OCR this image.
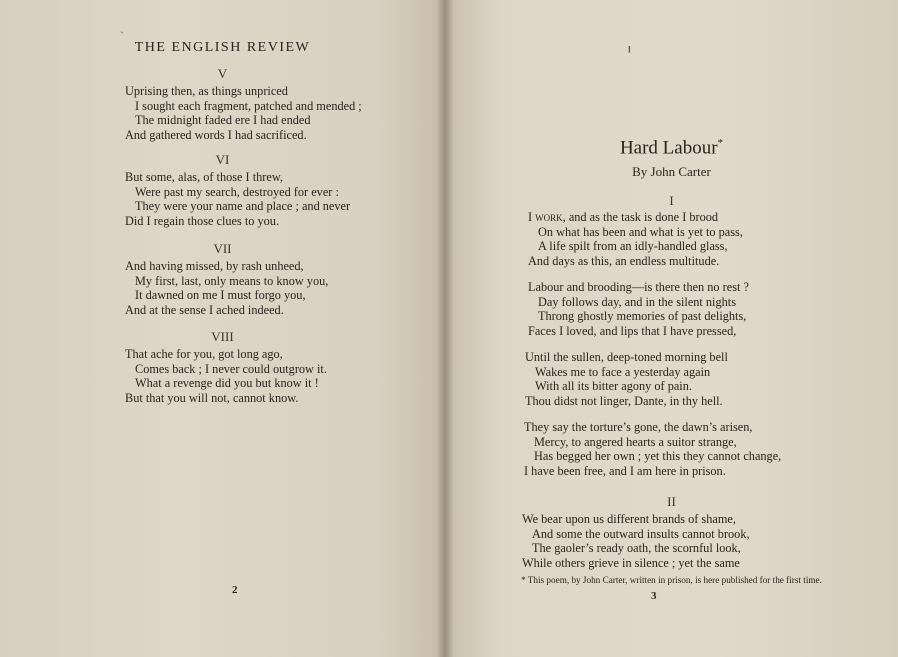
ˎ
THE ENGLISH REVIEW
V
Uprising then, as things unpriced
I sought each fragment, patched and mended ;
The midnight faded ere I had ended
And gathered words I had sacrificed.
VI
But some, alas, of those I threw,
Were past my search, destroyed for ever :
They were your name and place ; and never
Did I regain those clues to you.
VII
And having missed, by rash unheed,
My first, last, only means to know you,
It dawned on me I must forgo you,
And at the sense I ached indeed.
VIII
That ache for you, got long ago,
Comes back ; I never could outgrow it.
What a revenge did you but know it !
But that you will not, cannot know.
2
ˡ
Hard Labour*
By John Carter
I
I work, and as the task is done I brood
On what has been and what is yet to pass,
A life spilt from an idly-handled glass,
And days as this, an endless multitude.
Labour and brooding—is there then no rest ?
Day follows day, and in the silent nights
Throng ghostly memories of past delights,
Faces I loved, and lips that I have pressed,
Until the sullen, deep-toned morning bell
Wakes me to face a yesterday again
With all its bitter agony of pain.
Thou didst not linger, Dante, in thy hell.
They say the torture’s gone, the dawn’s arisen,
Mercy, to angered hearts a suitor strange,
Has begged her own ; yet this they cannot change,
I have been free, and I am here in prison.
II
We bear upon us different brands of shame,
And some the outward insults cannot brook,
The gaoler’s ready oath, the scornful look,
While others grieve in silence ; yet the same
* This poem, by John Carter, written in prison, is here published for the first time.
3
